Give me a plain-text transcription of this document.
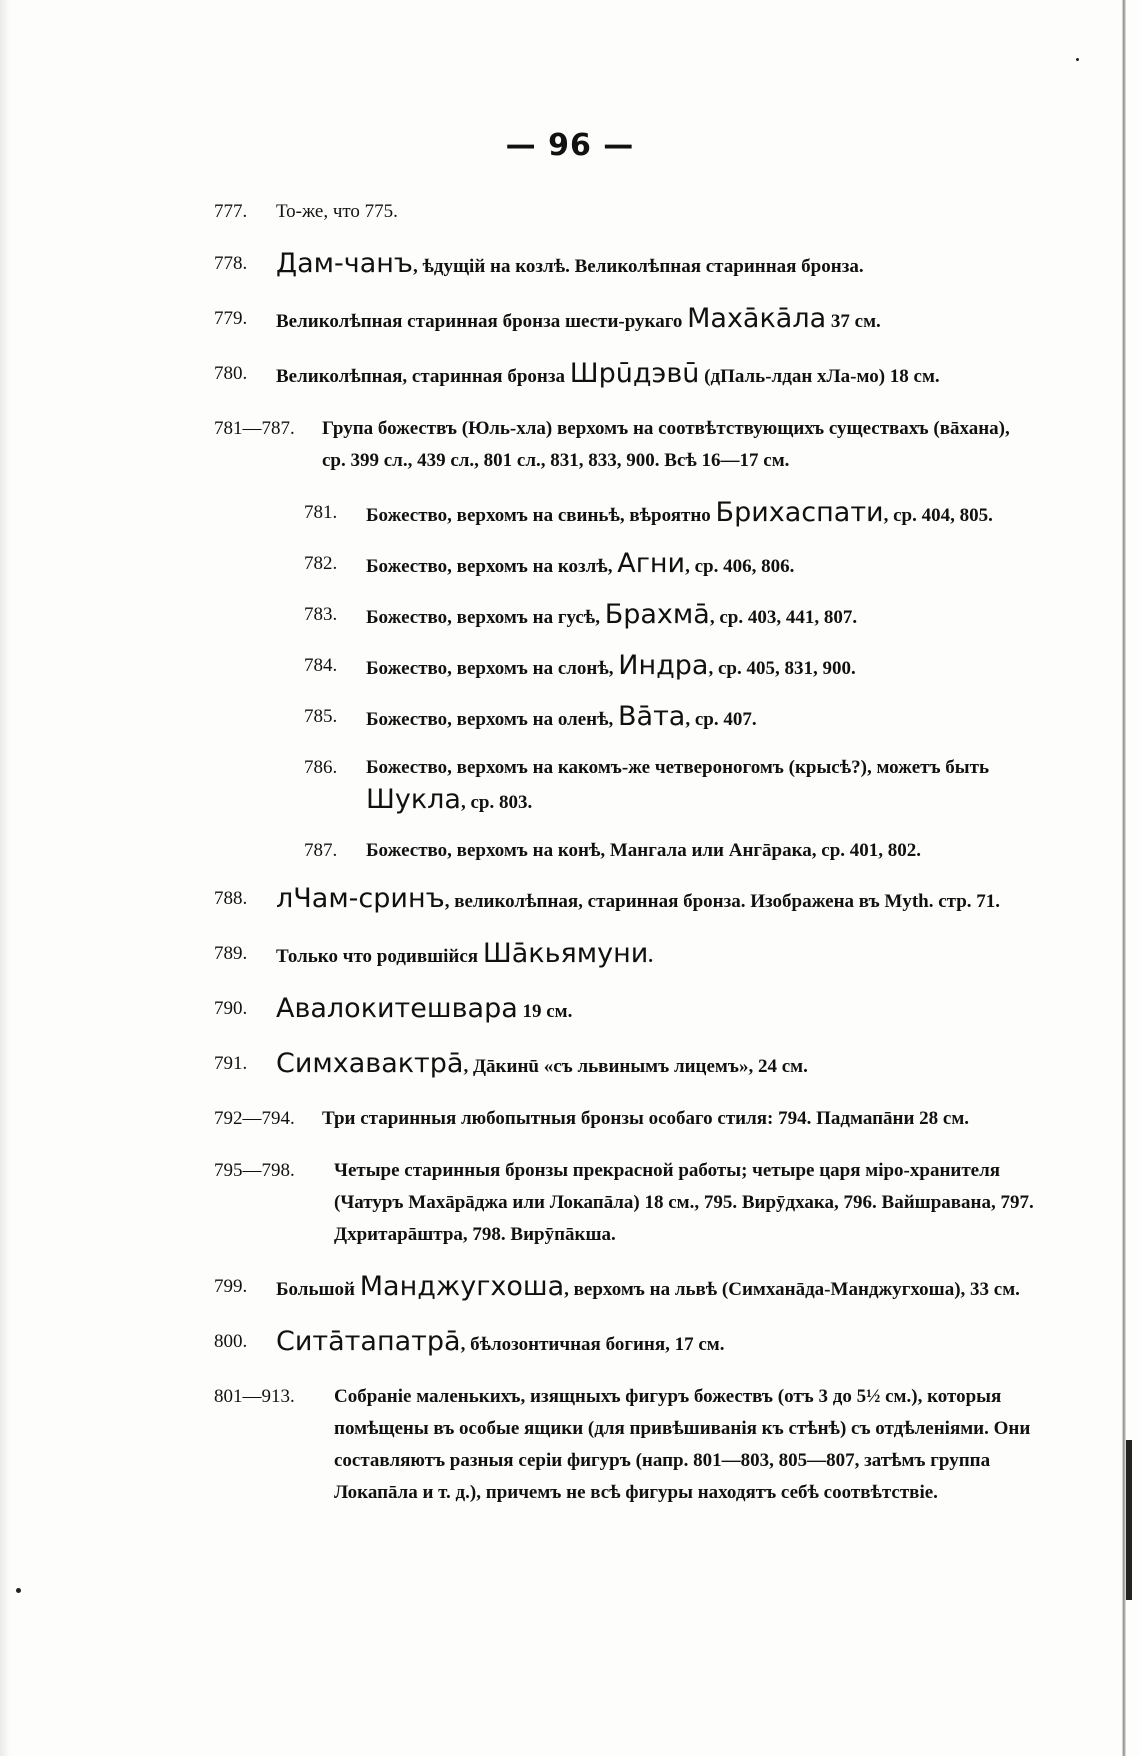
— 96 —
777.	То-же, что 775.
778.	Дам-чанъ, ѣдущій на козлѣ. Великолѣпная старинная бронза.
779.	Великолѣпная старинная бронза шести-рукаго Махāкāла 37 см.
780.	Великолѣпная, старинная бронза Шрūдэвū (дПаль-лдан хЛа-мо) 18 см.
781—787.	Група божествъ (Юль-хла) верхомъ на соотвѣтствующихъ существахъ (вāхана), ср. 399 сл., 439 сл., 801 сл., 831, 833, 900. Всѣ 16—17 см.
781.	Божество, верхомъ на свиньѣ, вѣроятно Брихаспати, ср. 404, 805.
782.	Божество, верхомъ на козлѣ, Агни, ср. 406, 806.
783.	Божество, верхомъ на гусѣ, Брахмā, ср. 403, 441, 807.
784.	Божество, верхомъ на слонѣ, Индра, ср. 405, 831, 900.
785.	Божество, верхомъ на оленѣ, Вāта, ср. 407.
786.	Божество, верхомъ на какомъ-же четвероногомъ (крысѣ?), можетъ быть Шукла, ср. 803.
787.	Божество, верхомъ на конѣ, Мангала или Ангāрака, ср. 401, 802.
788.	лЧам-сринъ, великолѣпная, старинная бронза. Изображена въ Myth. стр. 71.
789.	Только что родившійся Шāкьямуни.
790.	Авалокитешвара 19 см.
791.	Симхавактрā, Дāкинū «съ львинымъ лицемъ», 24 см.
792—794.	Три старинныя любопытныя бронзы особаго стиля: 794. Падмапāни 28 см.
795—798.	Четыре старинныя бронзы прекрасной работы; четыре царя міро-хранителя (Чатуръ Махāрāджа или Локапāла) 18 см., 795. Вирӯдхака, 796. Вайшравана, 797. Дхритарāштра, 798. Вирӯпāкша.
799.	Большой Манджугхоша, верхомъ на львѣ (Симханāда-Манджугхоша), 33 см.
800.	Ситāтапатрā, бѣлозонтичная богиня, 17 см.
801—913.	Собраніе маленькихъ, изящныхъ фигуръ божествъ (отъ 3 до 5½ см.), которыя помѣщены въ особые ящики (для привѣшиванія къ стѣнѣ) съ отдѣленіями. Они составляютъ разныя серіи фигуръ (напр. 801—803, 805—807, затѣмъ группа Локапāла и т. д.), причемъ не всѣ фигуры находятъ себѣ соотвѣтствіе.
